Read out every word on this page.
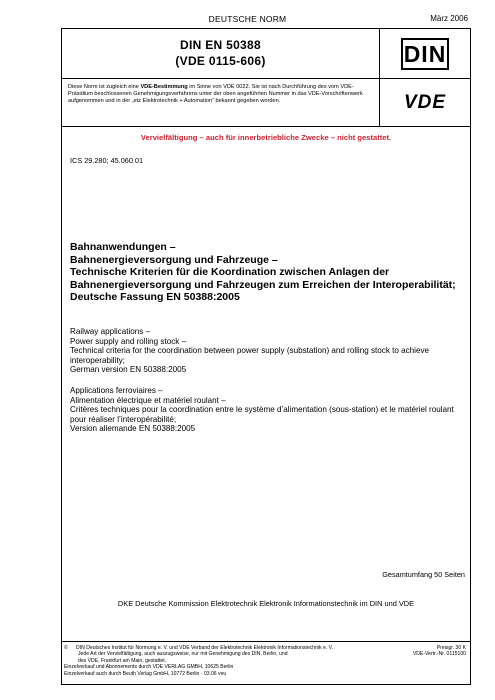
DEUTSCHE NORM	März 2006
DIN EN 50388
(VDE 0115-606)	DIN
Diese Norm ist zugleich eine VDE-Bestimmung im Sinne von VDE 0022. Sie ist nach Durchführung des vom VDE-Präsidium beschlossenen Genehmigungsverfahrens unter der oben angeführten Nummer in das VDE-Vorschriftenwerk aufgenommen und in der „etz Elektrotechnik + Automation“ bekannt gegeben worden.	VDE
Vervielfältigung – auch für innerbetriebliche Zwecke – nicht gestattet.
ICS 29.280; 45.060.01
Bahnanwendungen –
Bahnenergieversorgung und Fahrzeuge –
Technische Kriterien für die Koordination zwischen Anlagen der Bahnenergieversorgung und Fahrzeugen zum Erreichen der Interoperabilität;
Deutsche Fassung EN 50388:2005
Railway applications –
Power supply and rolling stock –
Technical criteria for the coordination between power supply (substation) and rolling stock to achieve interoperability;
German version EN 50388:2005
Applications ferroviaires –
Alimentation électrique et matériel roulant –
Critères techniques pour la coordination entre le système d’alimentation (sous-station) et le matériel roulant pour réaliser l’interopérabilité;
Version allemande EN 50388:2005
Gesamtumfang 50 Seiten
DKE Deutsche Kommission Elektrotechnik Elektronik Informationstechnik im DIN und VDE
© DIN Deutsches Institut für Normung e. V. und VDE Verband der Elektrotechnik Elektronik Informationstechnik e. V.
Jede Art der Vervielfältigung, auch auszugsweise, nur mit Genehmigung des DIN, Berlin, und
des VDE, Frankfurt am Main, gestattet.
Einzelverkauf und Abonnements durch VDE VERLAG GMBH, 10625 Berlin
Einzelverkauf auch durch Beuth Verlag GmbH, 10772 Berlin · 03.06 veu
Preisgr. 30 K
VDE-Vertr.-Nr. 0115100
